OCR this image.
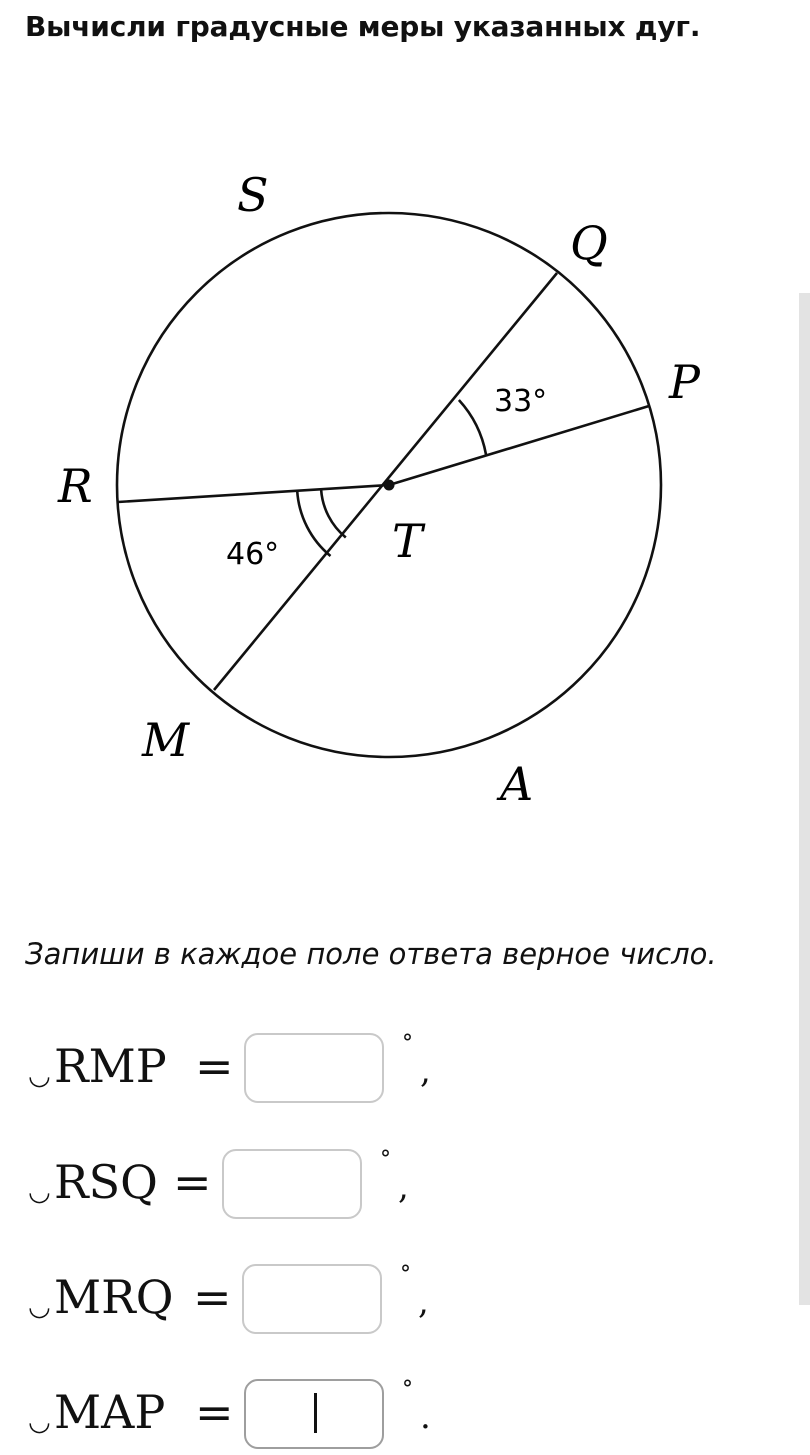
Вычисли градусные меры указанных дуг.
S
Q
P
R
T
M
A
33°
46°
Запиши в каждое поле ответа верное число.
◡ RMP =	°
,
◡ RSQ =	°
,
◡ MRQ =	°
,
◡ MAP =	°
.
